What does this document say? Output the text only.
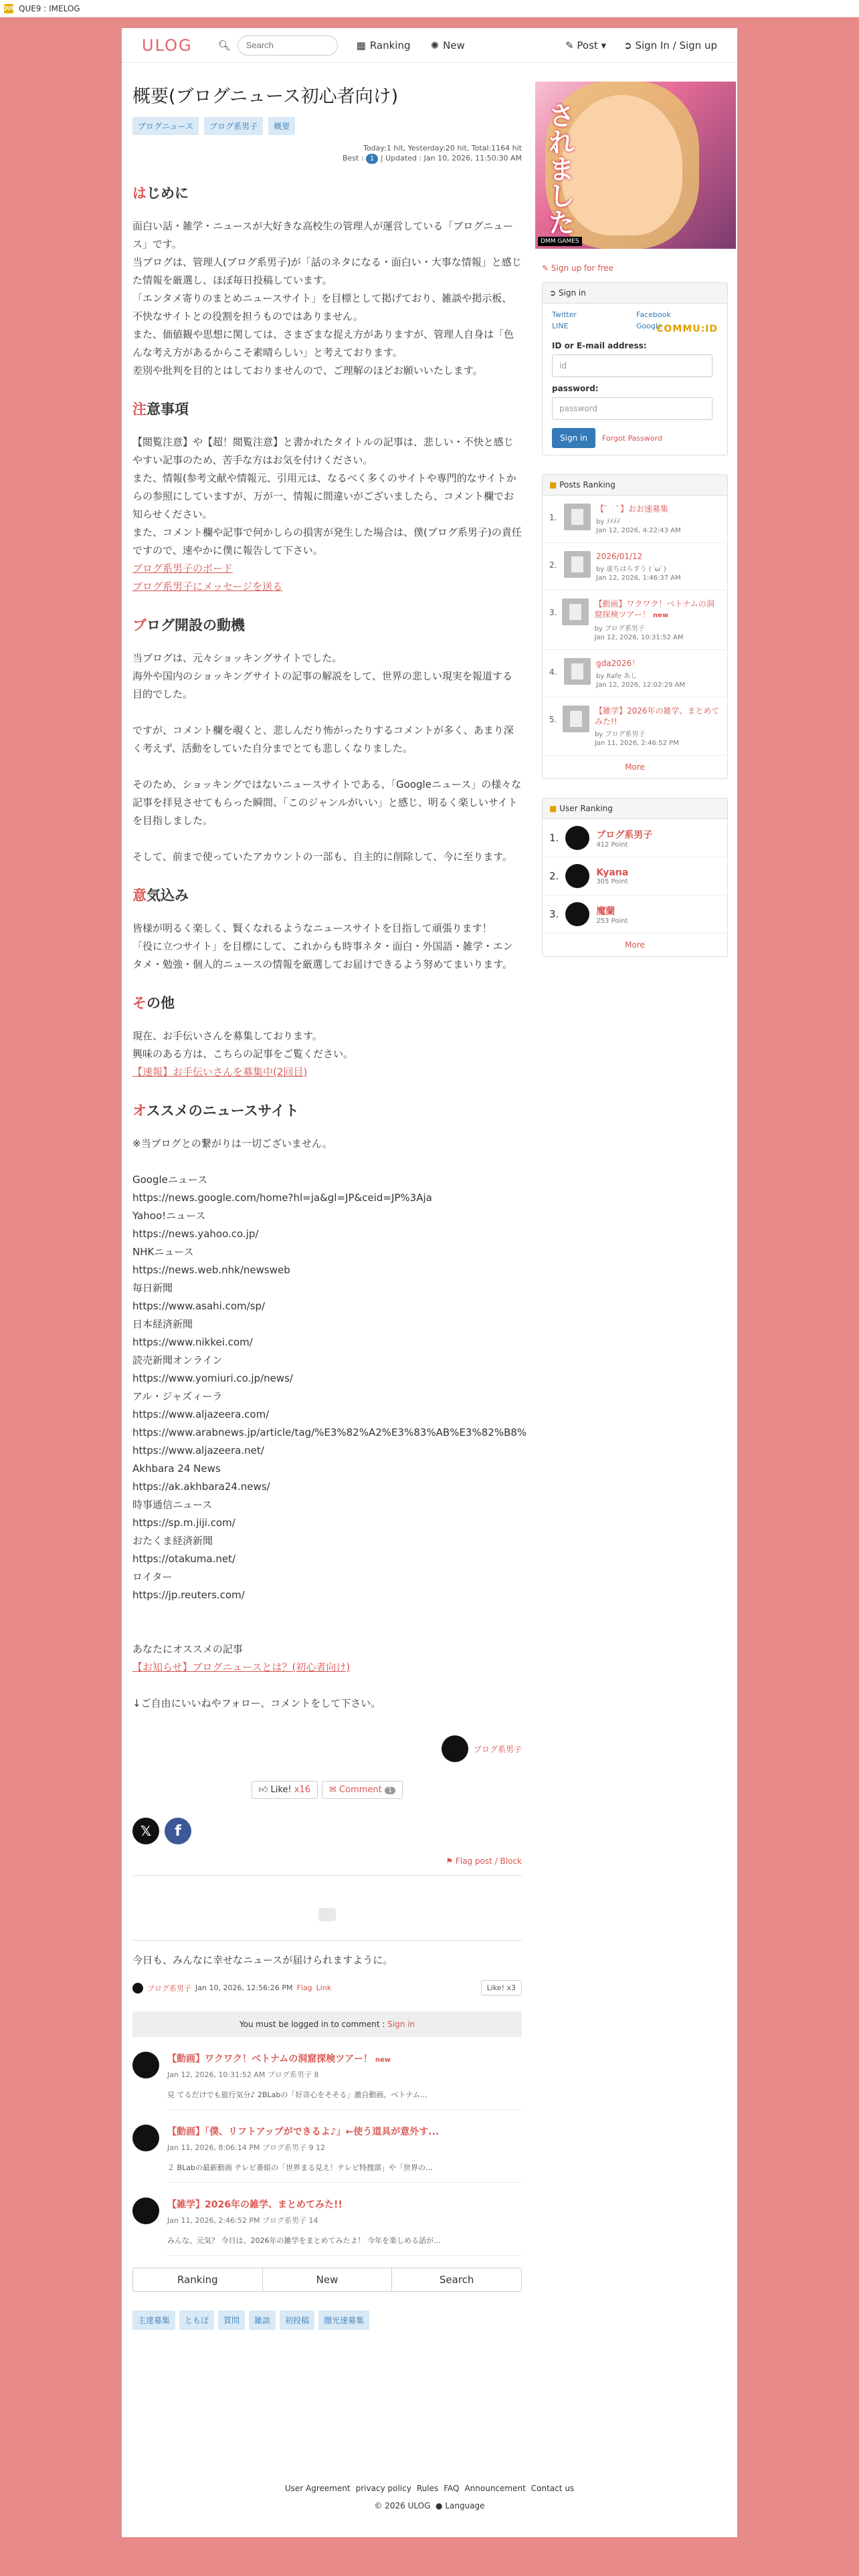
QUE QUE9 : IMELOG
ULOG	🔍︎
Search	▦ Ranking ✺ New	✎ Post ▾ ➲ Sign In / Sign up
概要(ブログニュース初心者向け)
ブログニュース	ブログ系男子	概要
Today:1 hit, Yesterday:20 hit, Total:1164 hit
Best : 1 | Updated : Jan 10, 2026, 11:50:30 AM
はじめに
面白い話・雑学・ニュースが大好きな高校生の管理人が運営している「ブログニュース」です。
当ブログは、管理人(ブログ系男子)が「話のネタになる・面白い・大事な情報」と感じた情報を厳選し、ほぼ毎日投稿しています。
「エンタメ寄りのまとめニュースサイト」を目標として掲げており、雑談や掲示板、不快なサイトとの役割を担うものではありません。
また、価値観や思想に関しては、さまざまな捉え方がありますが、管理人自身は「色んな考え方があるからこそ素晴らしい」と考えております。
差別や批判を目的とはしておりませんので、ご理解のほどお願いいたします。
注意事項
【閲覧注意】や【超！閲覧注意】と書かれたタイトルの記事は、悲しい・不快と感じやすい記事のため、苦手な方はお気を付けください。
また、情報(参考文献や情報元、引用元は、なるべく多くのサイトや専門的なサイトからの参照にしていますが、万が一、情報に間違いがございましたら、コメント欄でお知らせください。
また、コメント欄や記事で何かしらの損害が発生した場合は、僕(ブログ系男子)の責任ですので、速やかに僕に報告して下さい。
ブログ系男子のボード
ブログ系男子にメッセージを送る
ブログ開設の動機
当ブログは、元々ショッキングサイトでした。
海外や国内のショッキングサイトの記事の解説をして、世界の悲しい現実を報道する目的でした。
ですが、コメント欄を覗くと、悲しんだり怖がったりするコメントが多く、あまり深く考えず、活動をしていた自分までとても悲しくなりました。
そのため、ショッキングではないニュースサイトである、「Googleニュース」の様々な記事を拝見させてもらった瞬間、「このジャンルがいい」と感じ、明るく楽しいサイトを目指しました。
そして、前まで使っていたアカウントの一部も、自主的に削除して、今に至ります。
意気込み
皆様が明るく楽しく、賢くなれるようなニュースサイトを目指して頑張ります！
「役に立つサイト」を目標にして、これからも時事ネタ・面白・外国語・雑学・エンタメ・勉強・個人的ニュースの情報を厳選してお届けできるよう努めてまいります。
その他
現在、お手伝いさんを募集しております。
興味のある方は、こちらの記事をご覧ください。
【速報】お手伝いさんを募集中(2回目)
オススメのニュースサイト
※当ブログとの繋がりは一切ございません。
Googleニュース
https://news.google.com/home?hl=ja&gl=JP&ceid=JP%3Aja
Yahoo!ニュース
https://news.yahoo.co.jp/
NHKニュース
https://news.web.nhk/newsweb
毎日新聞
https://www.asahi.com/sp/
日本経済新聞
https://www.nikkei.com/
読売新聞オンライン
https://www.yomiuri.co.jp/news/
アル・ジャズィーラ
https://www.aljazeera.com/
https://www.arabnews.jp/article/tag/%E3%82%A2%E3%83%AB%E3%82%B8%
https://www.aljazeera.net/
Akhbara 24 News
https://ak.akhbara24.news/
時事通信ニュース
https://sp.m.jiji.com/
おたくま経済新聞
https://otakuma.net/
ロイター
https://jp.reuters.com/
あなたにオススメの記事
【お知らせ】ブログニュースとは？(初心者向け)
↓ご自由にいいねやフォロー、コメントをして下さい。
ブログ系男子
👍︎ Like! x16	✉ Comment 1
𝕏	f
⚑ Flag post / Block
今日も、みんなに幸せなニュースが届けられますように。
ブログ系男子 Jan 10, 2026, 12:56:26 PM Flag Link	Like! x3
You must be logged in to comment : Sign in
【動画】ワクワク！ベトナムの洞窟探検ツアー！ new
Jan 12, 2026, 10:31:52 AM ブログ系男子 8
見 てるだけでも旅行気分♪ 2BLabの「好奇心をそそる」激自動画、ベトナム...
【動画】「僕、リフトアップができるよ♪」←使う道具が意外す...
Jan 11, 2026, 8:06:14 PM ブログ系男子 9 12
２ BLabの最新動画 テレビ番組の「世界まる見え！テレビ特捜部」や「世界の...
【雑学】2026年の雑学、まとめてみた!!
Jan 11, 2026, 2:46:52 PM ブログ系男子 14
みんな、元気？ 今日は、2026年の雑学をまとめてみたよ！ 今年を楽しめる話が...
Ranking	New	Search
主達募集	ともぼ	質問	雑談	初投稿	闇光速募集
されました
DMM GAMES
✎ Sign up for free
➲ Sign in
Twitter	Facebook
LINE	Google
COMMU:ID
ID or E-mail address:
id
password:
password
Sign in	Forgot Password
■ Posts Ranking
1.
【ﾟ　ﾟ】おお速募集
by ﾒﾒﾒﾒ
Jan 12, 2026, 4:22:43 AM
2.
2026/01/12
by 虚ちはらすう (´ω`)
Jan 12, 2026, 1:46:37 AM
3.
【動画】ワクワク！ベトナムの洞窟探検ツアー！ new
by ブログ系男子
Jan 12, 2026, 10:31:52 AM
4.
gda2026！
by Rafe あし
Jan 12, 2026, 12:02:29 AM
5.
【雑学】2026年の雑学、まとめてみた!!
by ブログ系男子
Jan 11, 2026, 2:46:52 PM
More
■ User Ranking
1.	ブログ系男子
412 Point
2.	Kyana
305 Point
3.	魔蘭
253 Point
More
User Agreement privacy policy Rules FAQ Announcement Contact us
© 2026 ULOG ● Language
